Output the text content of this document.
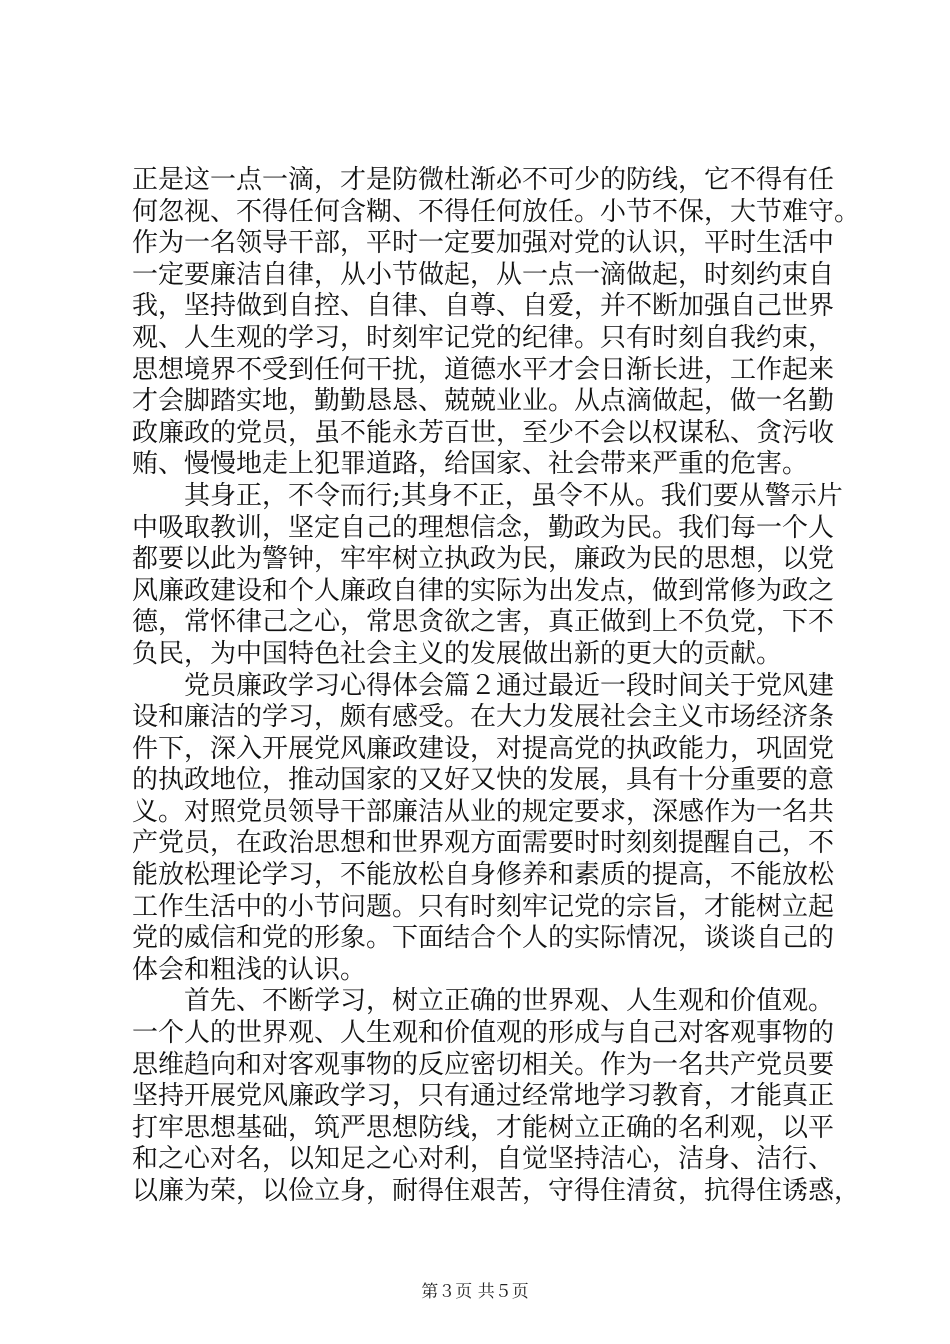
正是这一点一滴，才是防微杜渐必不可少的防线，它不得有任
何忽视、不得任何含糊、不得任何放任。小节不保，大节难守。
作为一名领导干部，平时一定要加强对党的认识，平时生活中
一定要廉洁自律，从小节做起，从一点一滴做起，时刻约束自
我，坚持做到自控、自律、自尊、自爱，并不断加强自己世界
观、人生观的学习，时刻牢记党的纪律。只有时刻自我约束，
思想境界不受到任何干扰，道德水平才会日渐长进，工作起来
才会脚踏实地，勤勤恳恳、兢兢业业。从点滴做起，做一名勤
政廉政的党员，虽不能永芳百世，至少不会以权谋私、贪污收
贿、慢慢地走上犯罪道路，给国家、社会带来严重的危害。
其身正，不令而行;其身不正，虽令不从。我们要从警示片
中吸取教训，坚定自己的理想信念，勤政为民。我们每一个人
都要以此为警钟，牢牢树立执政为民，廉政为民的思想，以党
风廉政建设和个人廉政自律的实际为出发点，做到常修为政之
德，常怀律己之心，常思贪欲之害，真正做到上不负党，下不
负民，为中国特色社会主义的发展做出新的更大的贡献。
党员廉政学习心得体会篇２通过最近一段时间关于党风建
设和廉洁的学习，颇有感受。在大力发展社会主义市场经济条
件下，深入开展党风廉政建设，对提高党的执政能力，巩固党
的执政地位，推动国家的又好又快的发展，具有十分重要的意
义。对照党员领导干部廉洁从业的规定要求，深感作为一名共
产党员，在政治思想和世界观方面需要时时刻刻提醒自己，不
能放松理论学习，不能放松自身修养和素质的提高，不能放松
工作生活中的小节问题。只有时刻牢记党的宗旨，才能树立起
党的威信和党的形象。下面结合个人的实际情况，谈谈自己的
体会和粗浅的认识。
首先、不断学习，树立正确的世界观、人生观和价值观。
一个人的世界观、人生观和价值观的形成与自己对客观事物的
思维趋向和对客观事物的反应密切相关。作为一名共产党员要
坚持开展党风廉政学习，只有通过经常地学习教育，才能真正
打牢思想基础，筑严思想防线，才能树立正确的名利观，以平
和之心对名，以知足之心对利，自觉坚持洁心，洁身、洁行、
以廉为荣，以俭立身，耐得住艰苦，守得住清贫，抗得住诱惑，
第３页 共５页
